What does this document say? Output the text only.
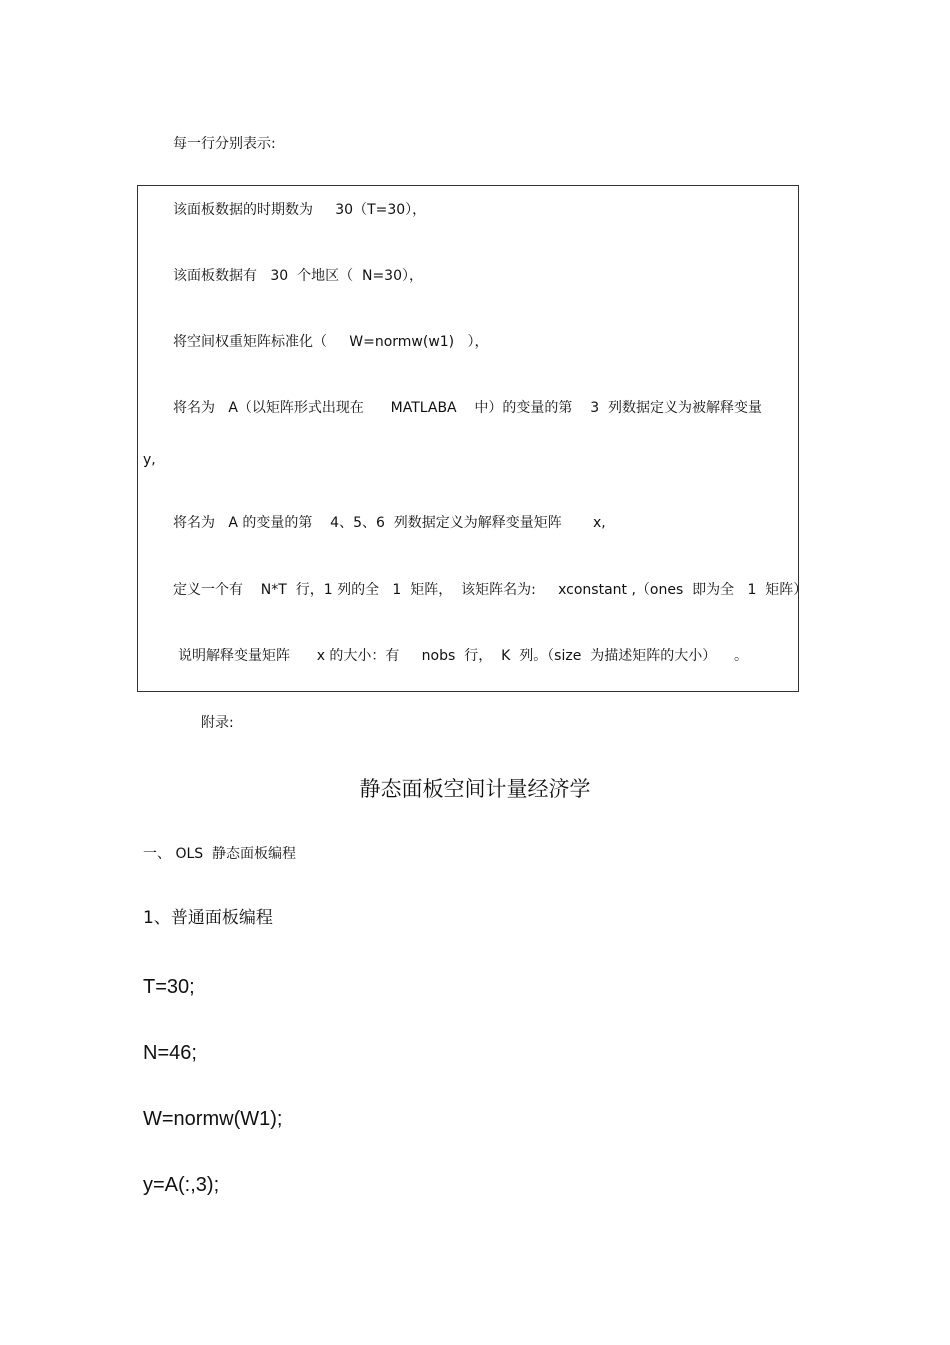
每一行分别表示:
该面板数据的时期数为     30（T=30），
该面板数据有   30  个地区（  N=30），
将空间权重矩阵标准化（     W=normw(w1)   ），
将名为   A（以矩阵形式出现在      MATLABA    中）的变量的第    3  列数据定义为被解释变量
y,
将名为   A 的变量的第    4、5、6  列数据定义为解释变量矩阵       x,
定义一个有    N*T  行，1 列的全   1  矩阵，  该矩阵名为:     xconstant ,（ones  即为全   1  矩阵）
说明解释变量矩阵      x 的大小：有     nobs  行，  K  列。（size  为描述矩阵的大小）    。
附录:
静态面板空间计量经济学
一、 OLS  静态面板编程
1、普通面板编程
T=30;
N=46;
W=normw(W1);
y=A(:,3);
